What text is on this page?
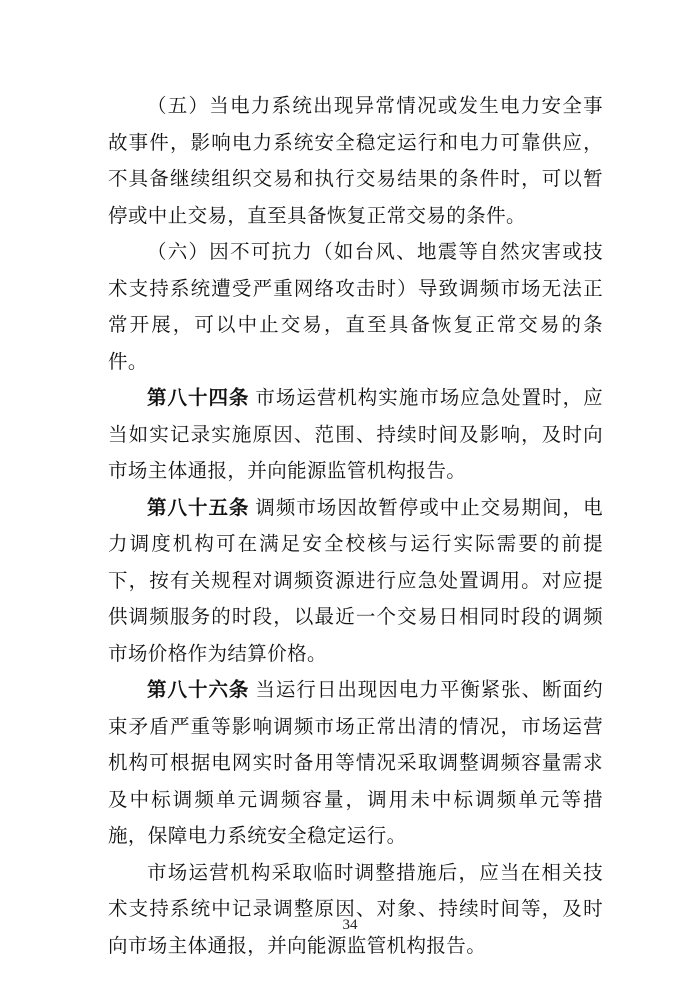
（五）当电力系统出现异常情况或发生电力安全事故事件，影响电力系统安全稳定运行和电力可靠供应，不具备继续组织交易和执行交易结果的条件时，可以暂停或中止交易，直至具备恢复正常交易的条件。

（六）因不可抗力（如台风、地震等自然灾害或技术支持系统遭受严重网络攻击时）导致调频市场无法正常开展，可以中止交易，直至具备恢复正常交易的条件。

第八十四条 市场运营机构实施市场应急处置时，应当如实记录实施原因、范围、持续时间及影响，及时向市场主体通报，并向能源监管机构报告。

第八十五条 调频市场因故暂停或中止交易期间，电力调度机构可在满足安全校核与运行实际需要的前提下，按有关规程对调频资源进行应急处置调用。对应提供调频服务的时段，以最近一个交易日相同时段的调频市场价格作为结算价格。

第八十六条 当运行日出现因电力平衡紧张、断面约束矛盾严重等影响调频市场正常出清的情况，市场运营机构可根据电网实时备用等情况采取调整调频容量需求及中标调频单元调频容量，调用未中标调频单元等措施，保障电力系统安全稳定运行。

市场运营机构采取临时调整措施后，应当在相关技术支持系统中记录调整原因、对象、持续时间等，及时向市场主体通报，并向能源监管机构报告。

34
